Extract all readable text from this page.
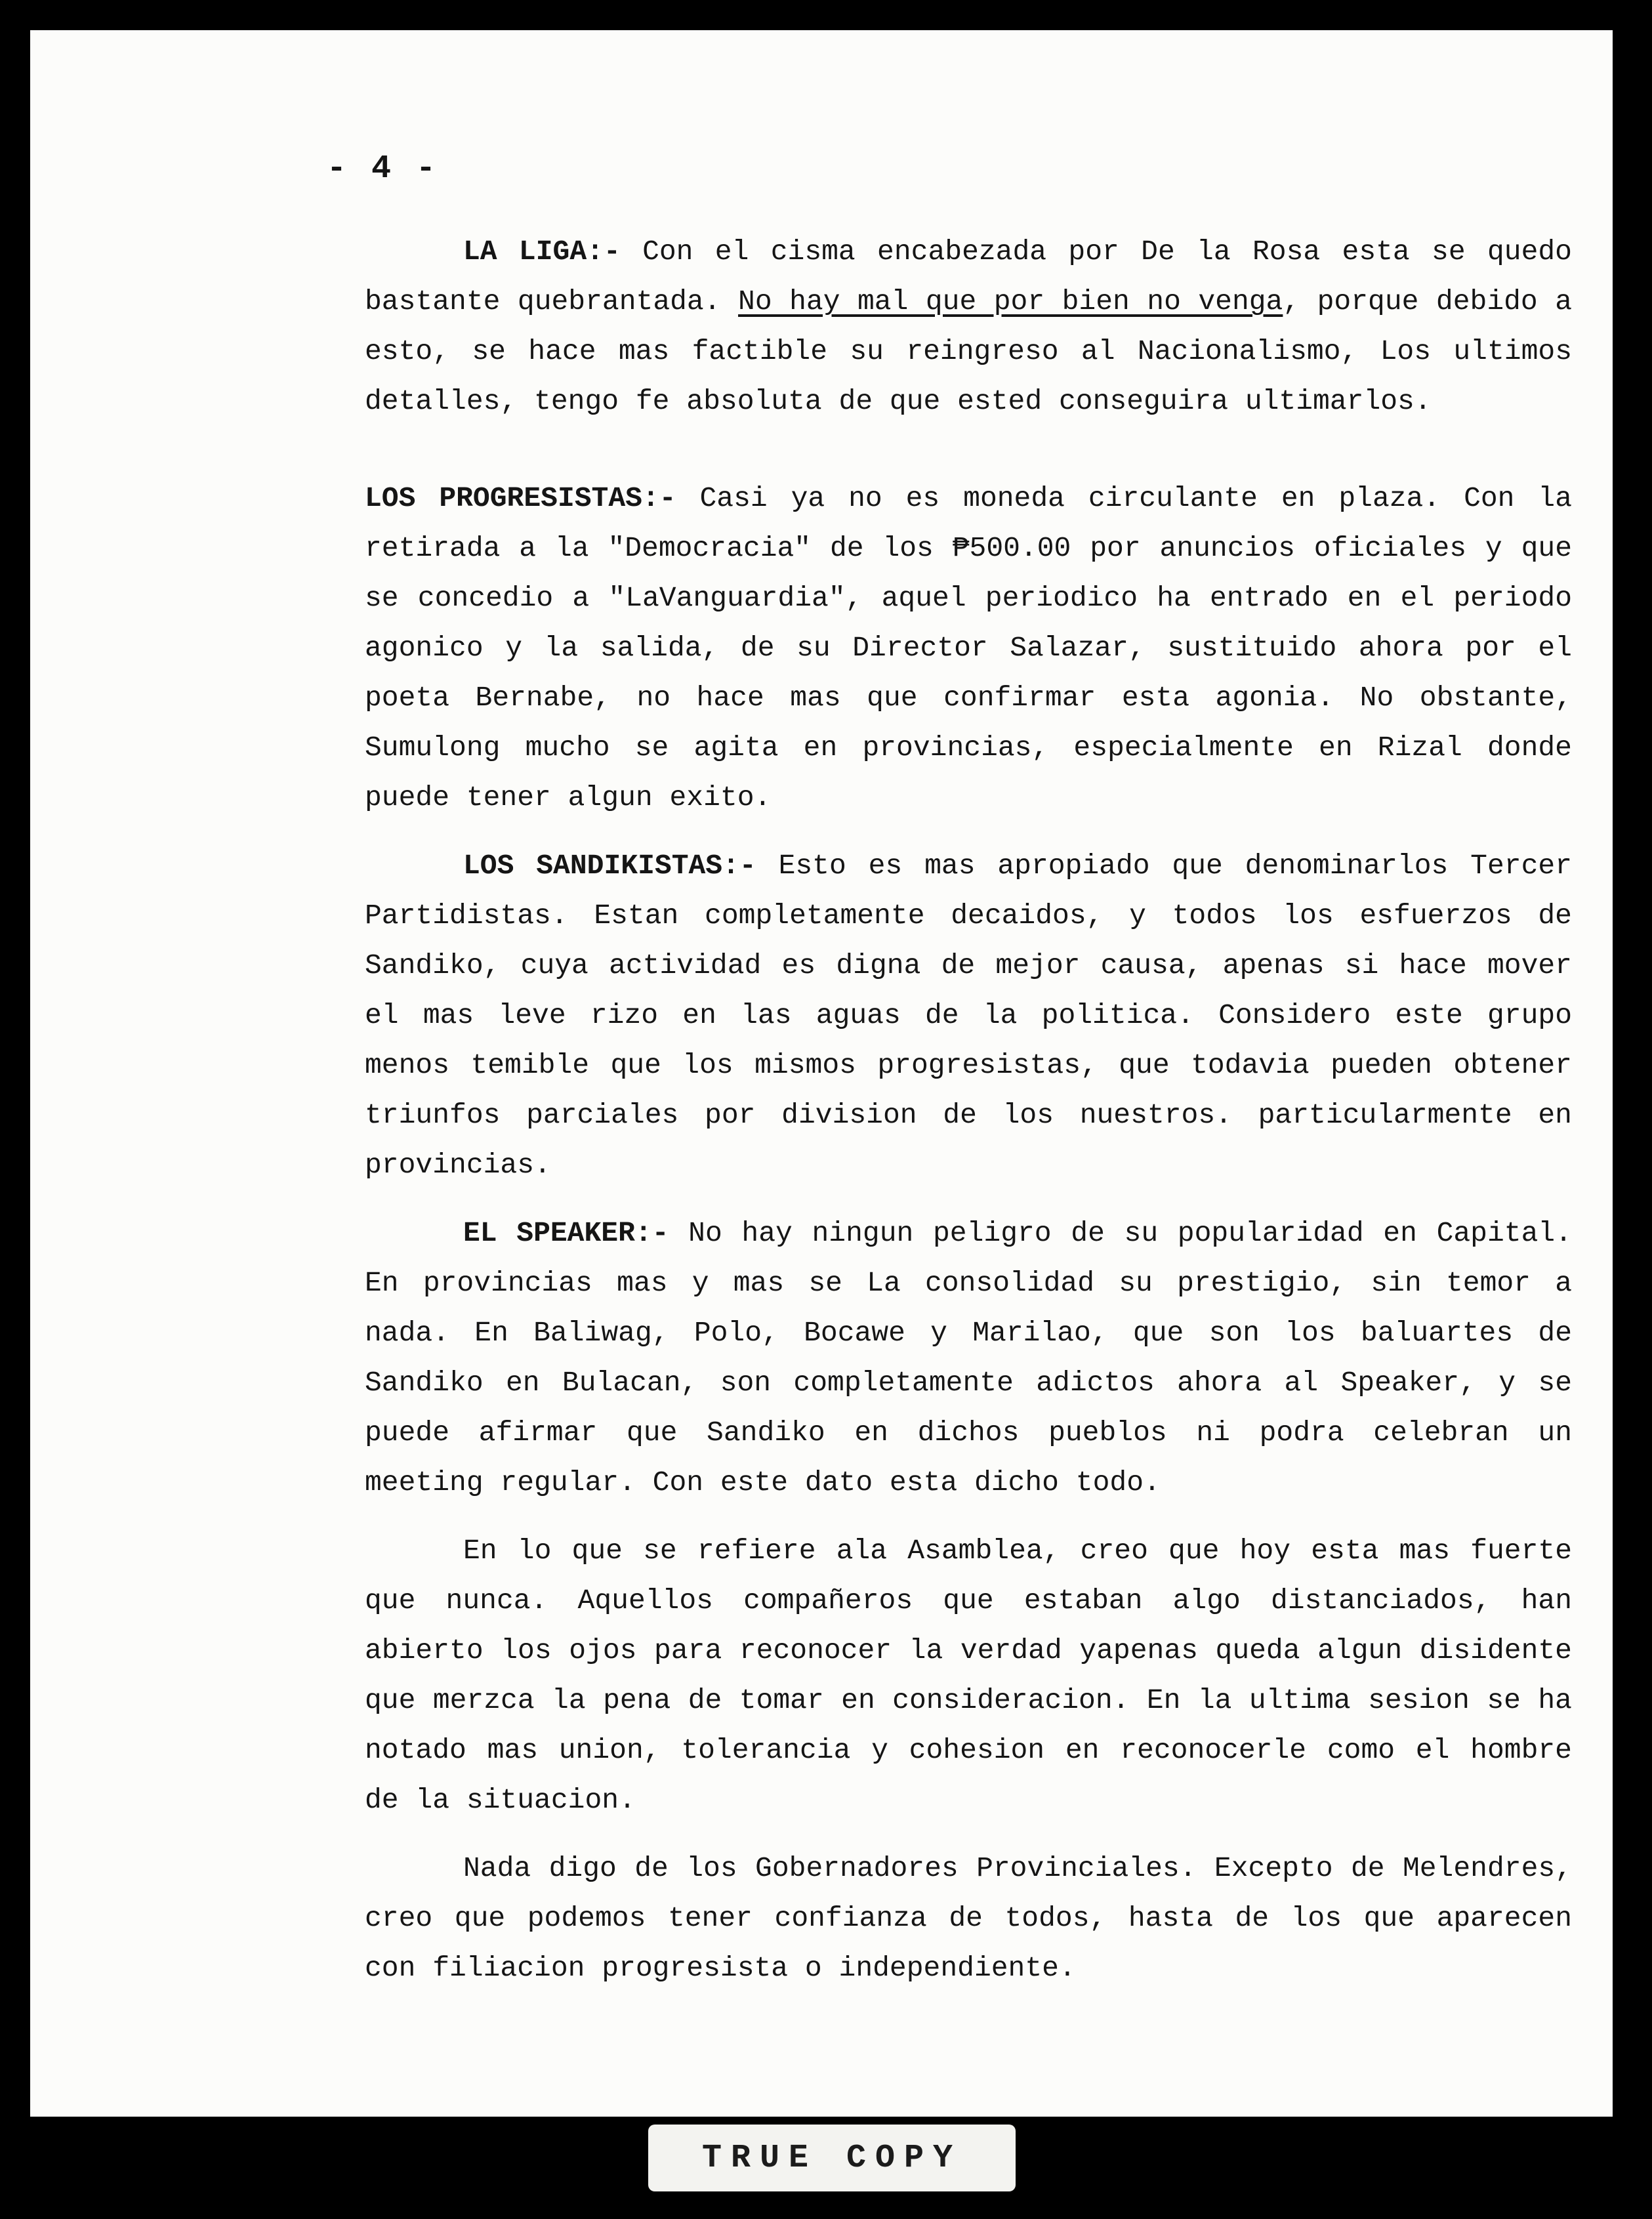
- 4 -

LA LIGA:- Con el cisma encabezada por De la Rosa esta se quedo bastante quebrantada. No hay mal que por bien no venga, porque debido a esto, se hace mas factible su reingreso al Nacionalismo, Los ultimos detalles, tengo fe absoluta de que ested conseguira ultimarlos.

LOS PROGRESISTAS:- Casi ya no es moneda circulante en plaza. Con la retirada a la "Democracia" de los ₱500.00 por anuncios oficiales y que se concedio a "LaVanguardia", aquel periodico ha entrado en el periodo agonico y la salida, de su Director Salazar, sustituido ahora por el poeta Bernabe, no hace mas que confirmar esta agonia. No obstante, Sumulong mucho se agita en provincias, especialmente en Rizal donde puede tener algun exito.

LOS SANDIKISTAS:- Esto es mas apropiado que denominarlos Tercer Partidistas. Estan completamente decaidos, y todos los esfuerzos de Sandiko, cuya actividad es digna de mejor causa, apenas si hace mover el mas leve rizo en las aguas de la politica. Considero este grupo menos temible que los mismos progresistas, que todavia pueden obtener triunfos parciales por division de los nuestros. particularmente en provincias.

EL SPEAKER:- No hay ningun peligro de su popularidad en Capital. En provincias mas y mas se La consolidad su prestigio, sin temor a nada. En Baliwag, Polo, Bocawe y Marilao, que son los baluartes de Sandiko en Bulacan, son completamente adictos ahora al Speaker, y se puede afirmar que Sandiko en dichos pueblos ni podra celebran un meeting regular. Con este dato esta dicho todo.

En lo que se refiere ala Asamblea, creo que hoy esta mas fuerte que nunca. Aquellos compañeros que estaban algo distanciados, han abierto los ojos para reconocer la verdad yapenas queda algun disidente que merzca la pena de tomar en consideracion. En la ultima sesion se ha notado mas union, tolerancia y cohesion en reconocerle como el hombre de la situacion.

Nada digo de los Gobernadores Provinciales. Excepto de Melendres, creo que podemos tener confianza de todos, hasta de los que aparecen con filiacion progresista o independiente.

TRUE COPY
